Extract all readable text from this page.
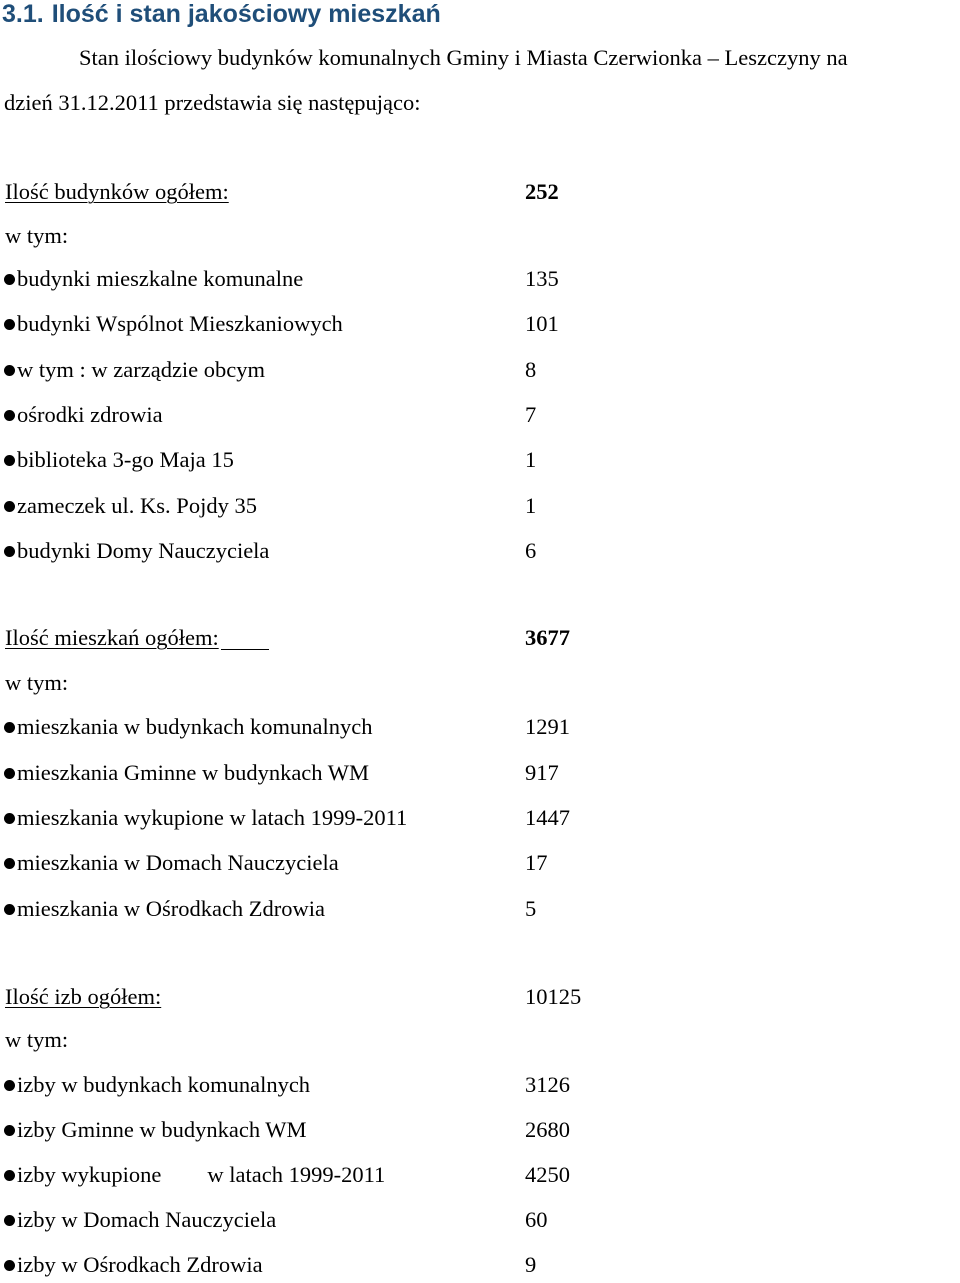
3.1. Ilość i stan jakościowy mieszkań
Stan ilościowy budynków komunalnych Gminy i Miasta Czerwionka – Leszczyny na
dzień 31.12.2011 przedstawia się następująco:
Ilość budynków ogółem:	252
w tym:
budynki mieszkalne komunalne	135
budynki Wspólnot Mieszkaniowych	101
w tym : w zarządzie obcym	8
ośrodki zdrowia	7
biblioteka 3-go Maja 15	1
zameczek ul. Ks. Pojdy 35	1
budynki Domy Nauczyciela	6
Ilość mieszkań ogółem:	3677
w tym:
mieszkania w budynkach komunalnych	1291
mieszkania Gminne w budynkach WM	917
mieszkania wykupione w latach 1999-2011	1447
mieszkania w Domach Nauczyciela	17
mieszkania w Ośrodkach Zdrowia	5
Ilość izb ogółem:	10125
w tym:
izby w budynkach komunalnych	3126
izby Gminne w budynkach WM	2680
izby wykupione w latach 1999-2011	4250
izby w Domach Nauczyciela	60
izby w Ośrodkach Zdrowia	9
